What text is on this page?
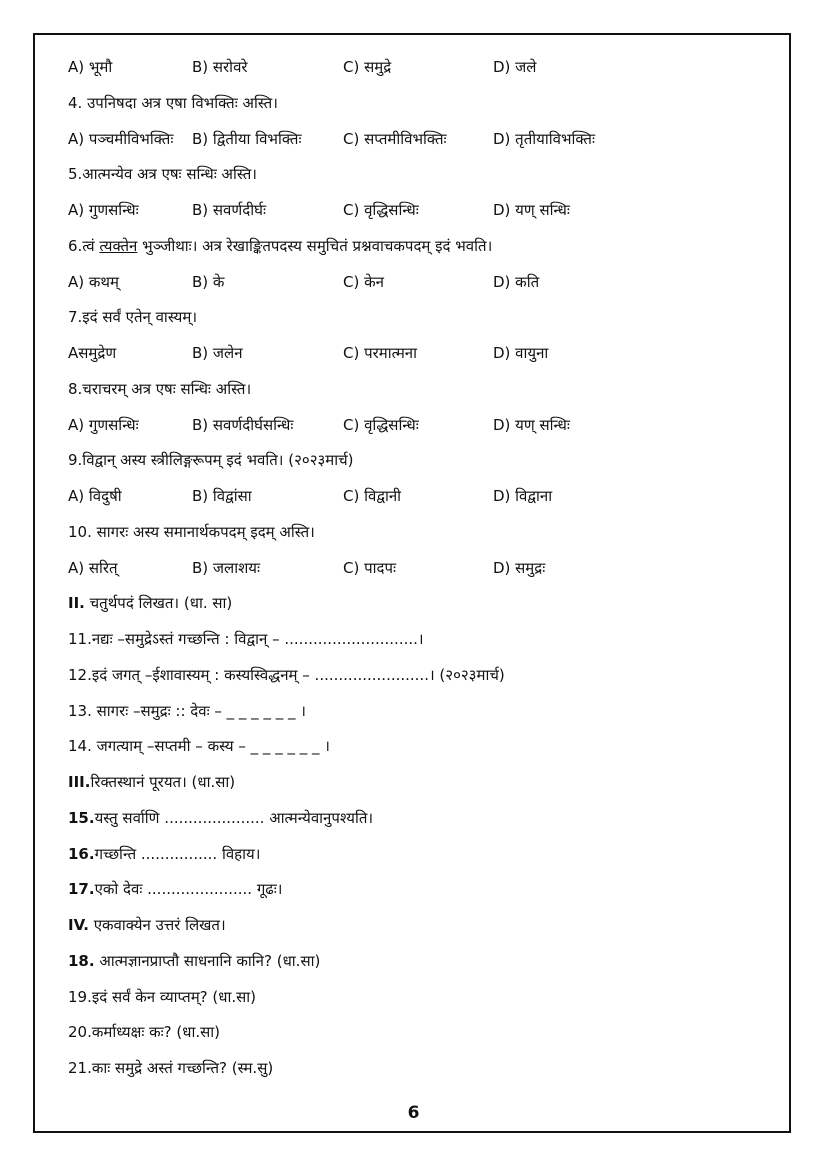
A) भूमौ	B) सरोवरे	C) समुद्रे	D) जले
4. उपनिषदा अत्र एषा विभक्तिः अस्ति।
A) पञ्चमीविभक्तिः	B) द्वितीया विभक्तिः	C) सप्तमीविभक्तिः	D) तृतीयाविभक्तिः
5.आत्मन्येव अत्र एषः सन्धिः अस्ति।
A) गुणसन्धिः	B) सवर्णदीर्घः	C) वृद्धिसन्धिः	D) यण् सन्धिः
6.त्वं त्यक्तेन भुञ्जीथाः। अत्र रेखाङ्कितपदस्य समुचितं प्रश्नवाचकपदम् इदं भवति।
A) कथम्	B) के	C) केन	D) कति
7.इदं सर्वं एतेन् वास्यम्।
Aसमुद्रेण	B) जलेन	C) परमात्मना	D) वायुना
8.चराचरम् अत्र एषः सन्धिः अस्ति।
A) गुणसन्धिः	B) सवर्णदीर्घसन्धिः	C) वृद्धिसन्धिः	D) यण् सन्धिः
9.विद्वान् अस्य स्त्रीलिङ्गरूपम् इदं भवति। (२०२३मार्च)
A) विदुषी	B) विद्वांसा	C) विद्वानी	D) विद्वाना
10. सागरः अस्य समानार्थकपदम् इदम् अस्ति।
A) सरित्	B) जलाशयः	C) पादपः	D) समुद्रः
II. चतुर्थपदं लिखत। (धा. सा)
11.नद्यः –समुद्रेऽस्तं गच्छन्ति : विद्वान् – ............................।
12.इदं जगत् –ईशावास्यम् : कस्यस्विद्धनम् – ........................। (२०२३मार्च)
13. सागरः –समुद्रः :: देवः – _ _ _ _ _ _ ।
14. जगत्याम् –सप्तमी – कस्य – _ _ _ _ _ _ ।
III.रिक्तस्थानं पूरयत। (धा.सा)
15.यस्तु सर्वाणि ..................... आत्मन्येवानुपश्यति।
16.गच्छन्ति ................ विहाय।
17.एको देवः ...................... गूढः।
IV. एकवाक्येन उत्तरं लिखत।
18. आत्मज्ञानप्राप्तौ साधनानि कानि? (धा.सा)
19.इदं सर्वं केन व्याप्तम्? (धा.सा)
20.कर्माध्यक्षः कः? (धा.सा)
21.काः समुद्रे अस्तं गच्छन्ति? (स्म.सु)
6
